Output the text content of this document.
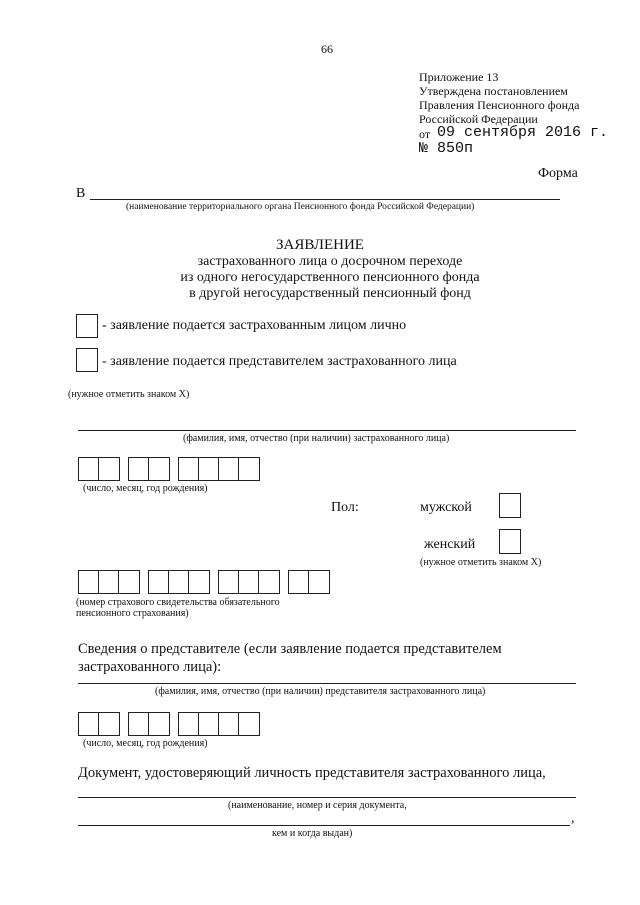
66
Приложение 13
Утверждена постановлением
Правления Пенсионного фонда
Российской Федерации
от 09 сентября 2016 г.
№ 850п
Форма
В
(наименование территориального органа Пенсионного фонда Российской Федерации)
ЗАЯВЛЕНИЕ
застрахованного лица о досрочном переходе
из одного негосударственного пенсионного фонда
в другой негосударственный пенсионный фонд
- заявление подается застрахованным лицом лично
- заявление подается представителем застрахованного лица
(нужное отметить знаком X)
(фамилия, имя, отчество (при наличии) застрахованного лица)
(число, месяц, год рождения)
Пол:	мужской
женский
(нужное отметить знаком X)
(номер страхового свидетельства обязательного
пенсионного страхования)
Сведения о представителе (если заявление подается представителем
застрахованного лица):
(фамилия, имя, отчество (при наличии) представителя застрахованного лица)
(число, месяц, год рождения)
Документ, удостоверяющий личность представителя застрахованного лица,
(наименование, номер и серия документа,
,
кем и когда выдан)
